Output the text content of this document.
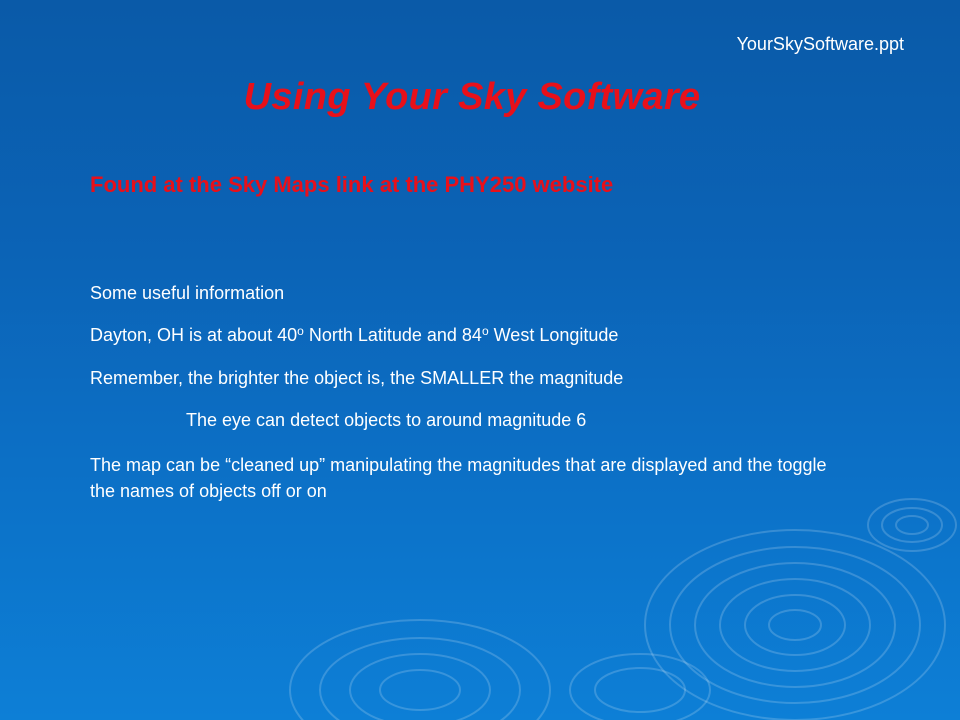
YourSkySoftware.ppt
Using Your Sky Software
Found at the Sky Maps link at the PHY250 website
Some useful information
Dayton, OH is at about 40$^o$ North Latitude and 84$^o$ West Longitude
Remember, the brighter the object is, the SMALLER the magnitude
The eye can detect objects to around magnitude 6
The map can be “cleaned up” manipulating the magnitudes that are displayed and the toggle the names of objects off or on
